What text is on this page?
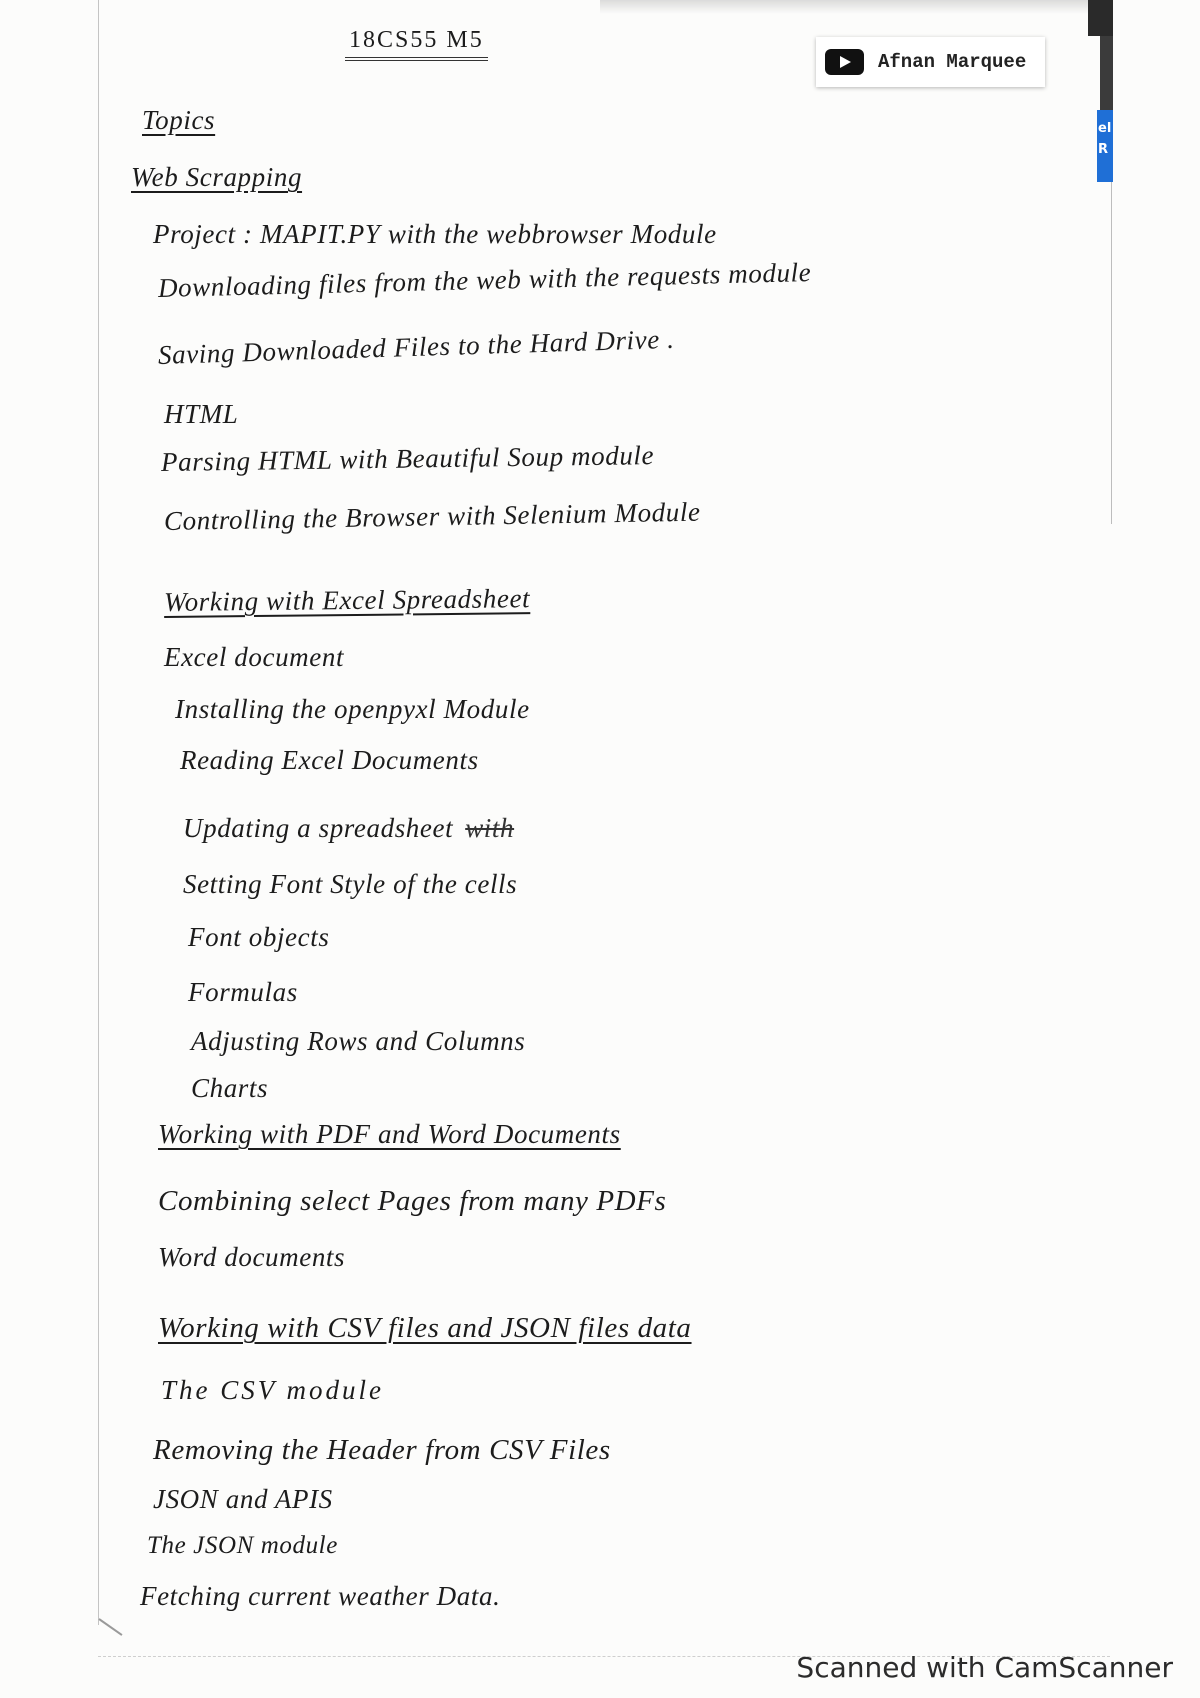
el
R
Afnan Marquee
18CS55 M5
Topics
Web Scrapping
Project : MAPIT.PY with the webbrowser Module
Downloading files from the web with the requests module
Saving Downloaded Files to the Hard Drive .
HTML
Parsing HTML with Beautiful Soup module
Controlling the Browser with Selenium Module
Working with Excel Spreadsheet
Excel document
Installing the openpyxl Module
Reading Excel Documents
Updating a spreadsheet with
Setting Font Style of the cells
Font objects
Formulas
Adjusting Rows and Columns
Charts
Working with PDF and Word Documents
Combining select Pages from many PDFs
Word documents
Working with CSV files and JSON files data
The CSV module
Removing the Header from CSV Files
JSON and APIS
The JSON module
Fetching current weather Data.
Scanned with CamScanner
